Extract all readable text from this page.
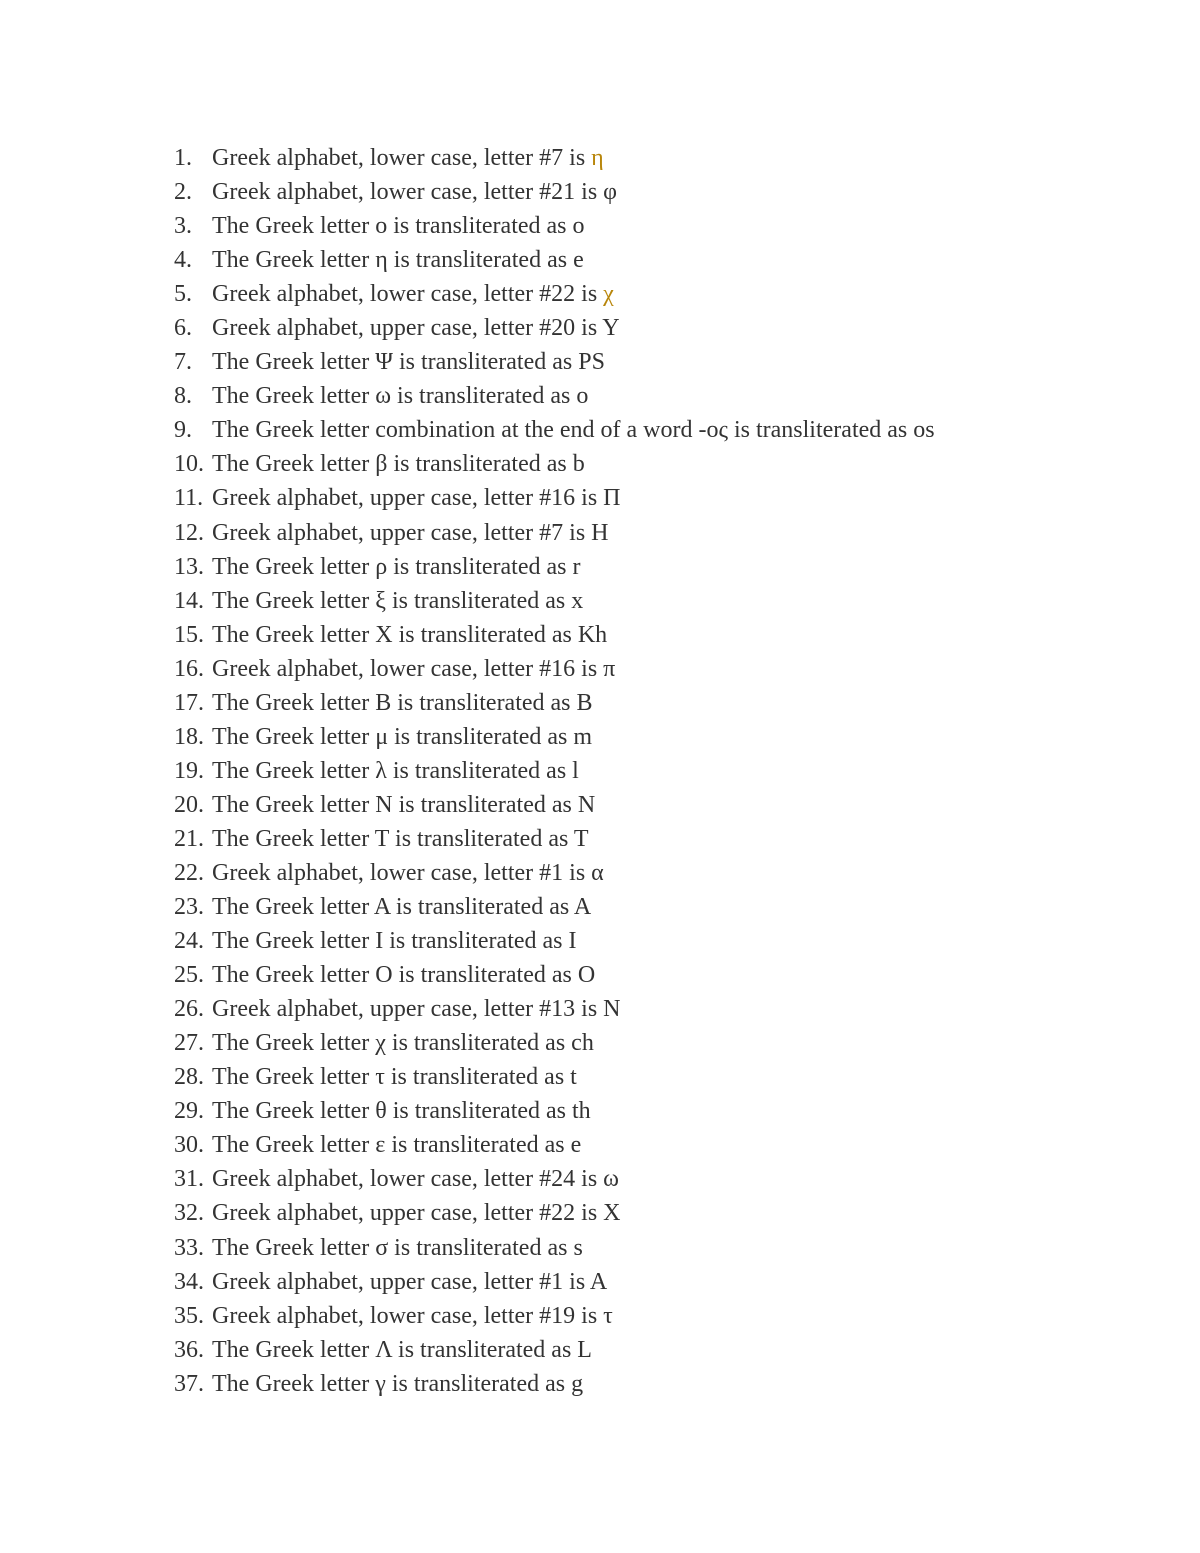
1. Greek alphabet, lower case, letter #7 is η
2. Greek alphabet, lower case, letter #21 is φ
3. The Greek letter ο is transliterated as o
4. The Greek letter η is transliterated as e
5. Greek alphabet, lower case, letter #22 is χ
6. Greek alphabet, upper case, letter #20 is Y
7. The Greek letter Ψ is transliterated as PS
8. The Greek letter ω is transliterated as o
9. The Greek letter combination at the end of a word -ος is transliterated as os
10. The Greek letter β is transliterated as b
11. Greek alphabet, upper case, letter #16 is Π
12. Greek alphabet, upper case, letter #7 is H
13. The Greek letter ρ is transliterated as r
14. The Greek letter ξ is transliterated as x
15. The Greek letter X is transliterated as Kh
16. Greek alphabet, lower case, letter #16 is π
17. The Greek letter B is transliterated as B
18. The Greek letter μ is transliterated as m
19. The Greek letter λ is transliterated as l
20. The Greek letter N is transliterated as N
21. The Greek letter T is transliterated as T
22. Greek alphabet, lower case, letter #1 is α
23. The Greek letter A is transliterated as A
24. The Greek letter I is transliterated as I
25. The Greek letter O is transliterated as O
26. Greek alphabet, upper case, letter #13 is N
27. The Greek letter χ is transliterated as ch
28. The Greek letter τ is transliterated as t
29. The Greek letter θ is transliterated as th
30. The Greek letter ε is transliterated as e
31. Greek alphabet, lower case, letter #24 is ω
32. Greek alphabet, upper case, letter #22 is X
33. The Greek letter σ is transliterated as s
34. Greek alphabet, upper case, letter #1 is A
35. Greek alphabet, lower case, letter #19 is τ
36. The Greek letter Λ is transliterated as L
37. The Greek letter γ is transliterated as g
